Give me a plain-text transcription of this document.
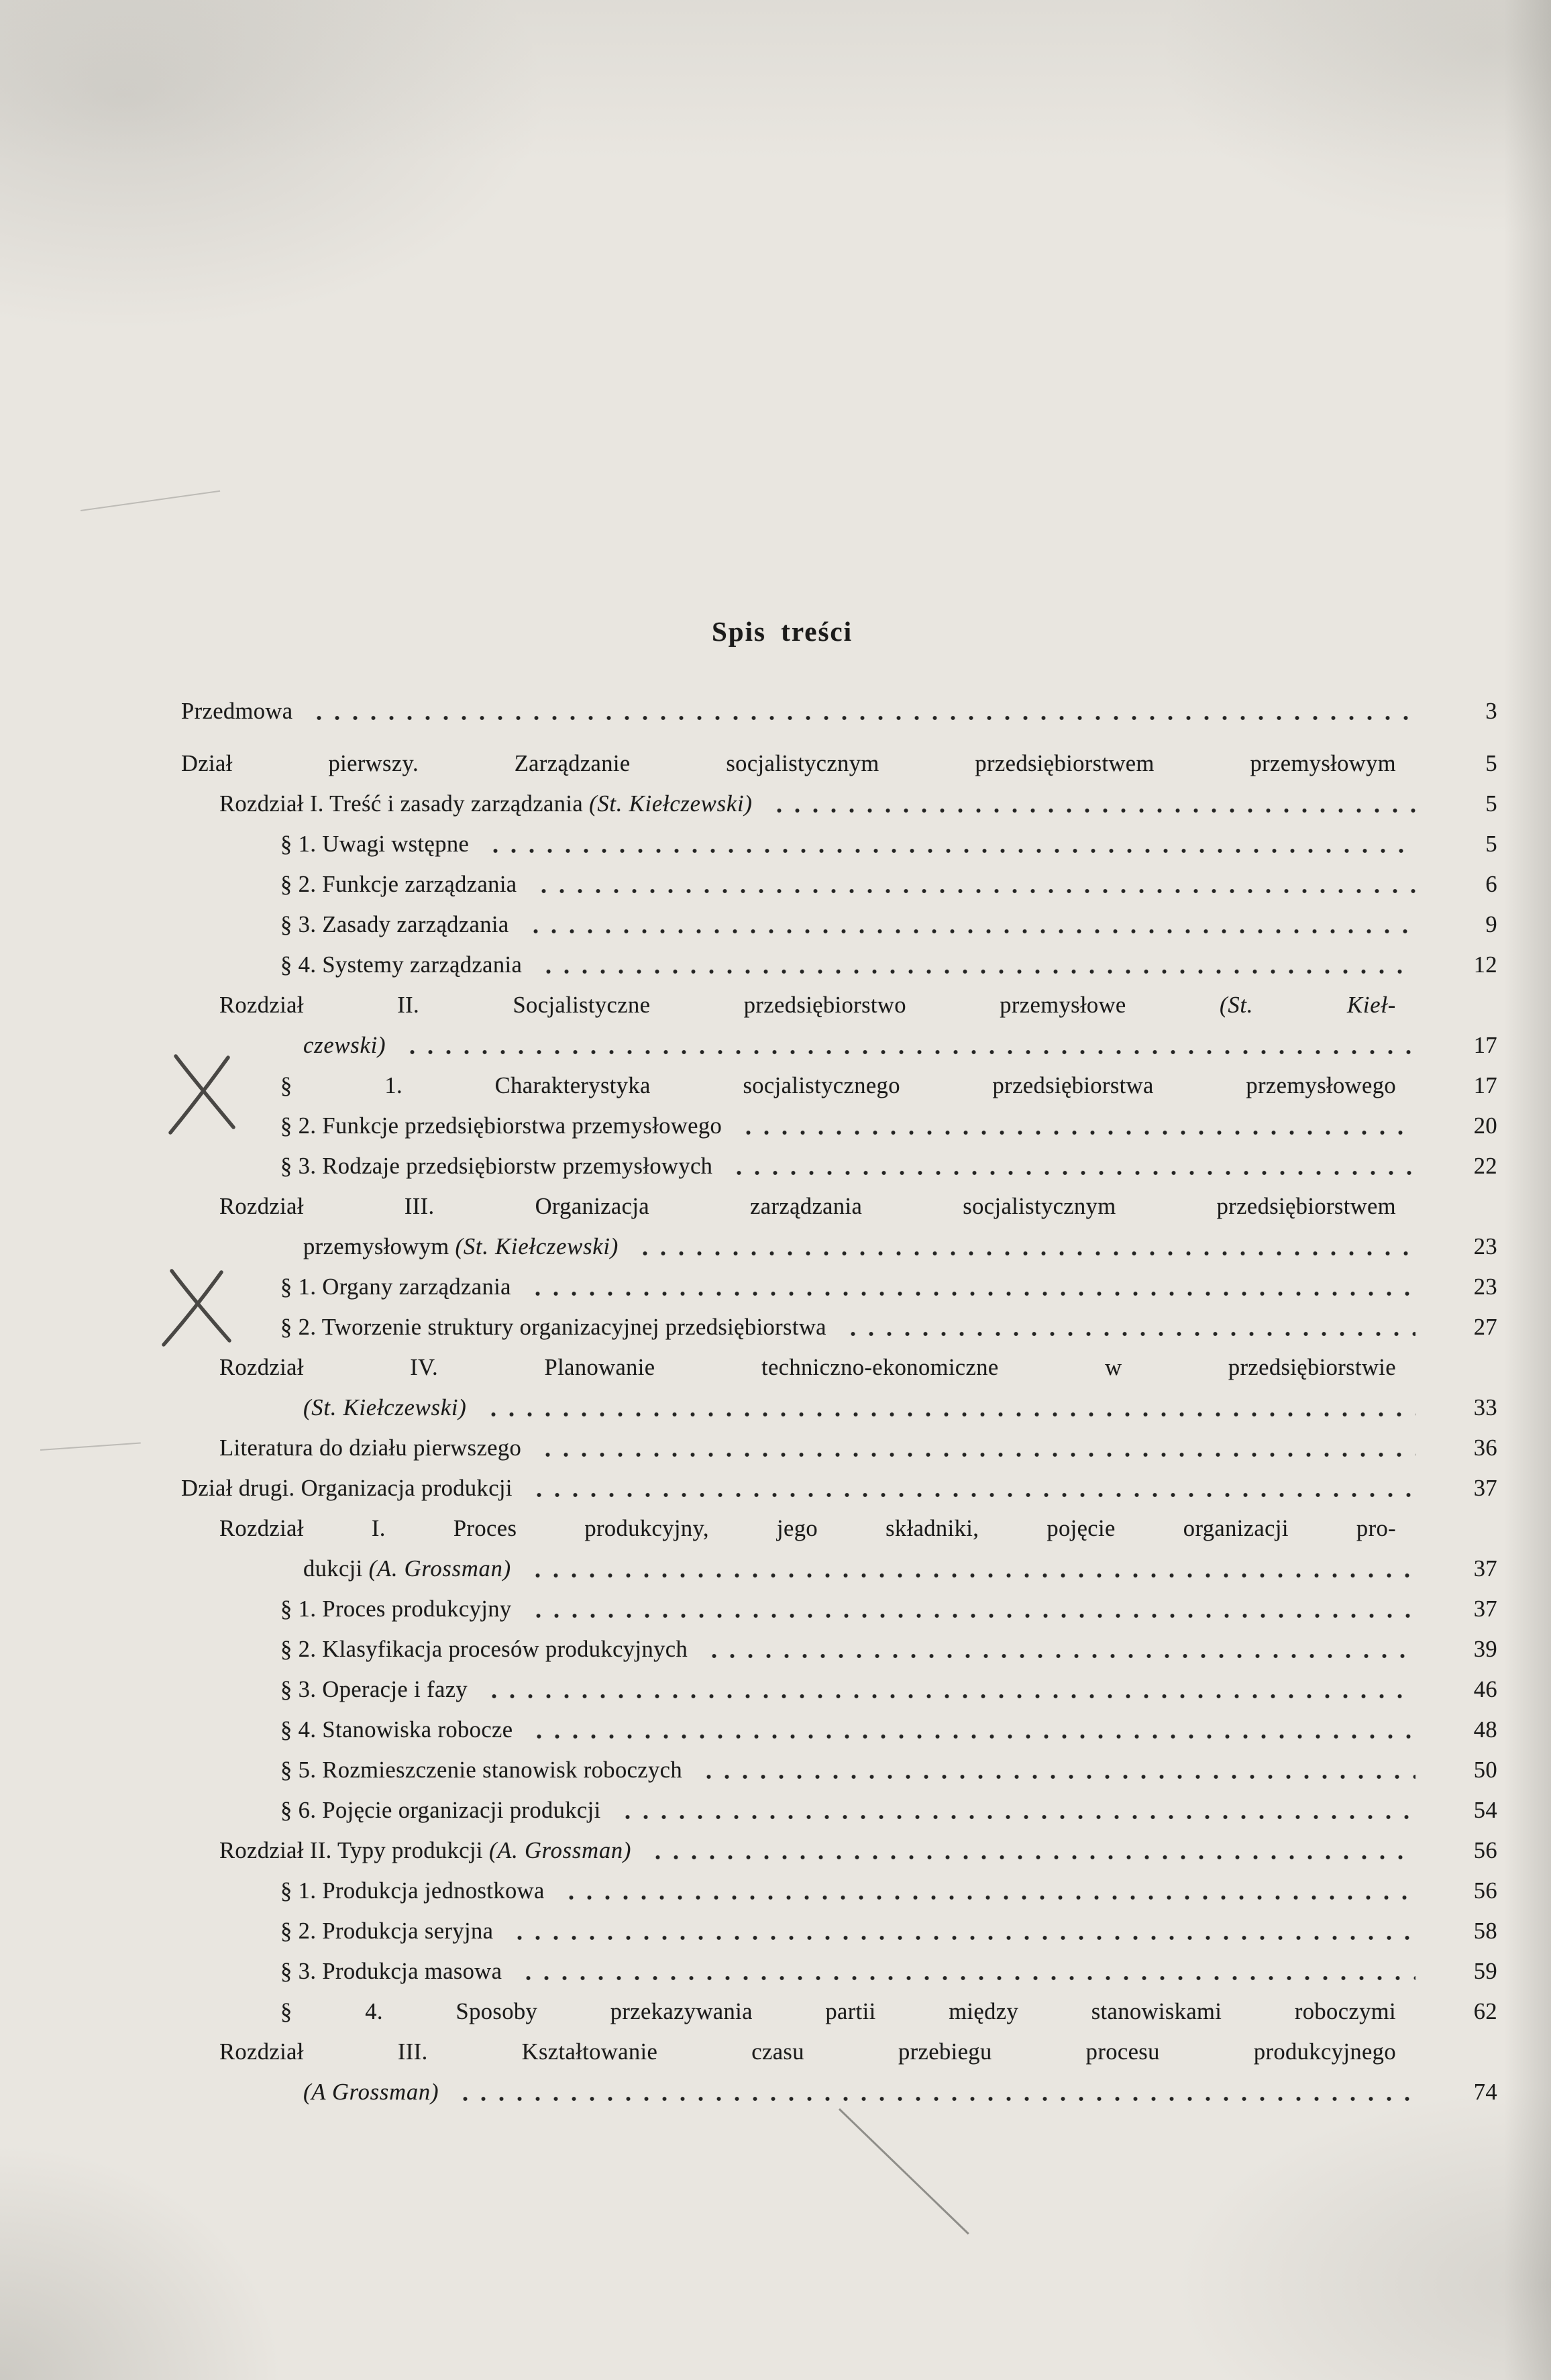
Spis treści
Przedmowa	3
Dział pierwszy. Zarządzanie socjalistycznym przedsiębiorstwem przemysłowym	5
Rozdział I. Treść i zasady zarządzania (St. Kiełczewski)	5
§ 1. Uwagi wstępne	5
§ 2. Funkcje zarządzania	6
§ 3. Zasady zarządzania	9
§ 4. Systemy zarządzania	12
Rozdział II. Socjalistyczne przedsiębiorstwo przemysłowe (St. Kieł-
czewski)	17
§ 1. Charakterystyka socjalistycznego przedsiębiorstwa przemysłowego	17
§ 2. Funkcje przedsiębiorstwa przemysłowego	20
§ 3. Rodzaje przedsiębiorstw przemysłowych	22
Rozdział III. Organizacja zarządzania socjalistycznym przedsiębiorstwem
przemysłowym (St. Kiełczewski)	23
§ 1. Organy zarządzania	23
§ 2. Tworzenie struktury organizacyjnej przedsiębiorstwa	27
Rozdział IV. Planowanie techniczno-ekonomiczne w przedsiębiorstwie
(St. Kiełczewski)	33
Literatura do działu pierwszego	36
Dział drugi. Organizacja produkcji	37
Rozdział I. Proces produkcyjny, jego składniki, pojęcie organizacji pro-
dukcji (A. Grossman)	37
§ 1. Proces produkcyjny	37
§ 2. Klasyfikacja procesów produkcyjnych	39
§ 3. Operacje i fazy	46
§ 4. Stanowiska robocze	48
§ 5. Rozmieszczenie stanowisk roboczych	50
§ 6. Pojęcie organizacji produkcji	54
Rozdział II. Typy produkcji (A. Grossman)	56
§ 1. Produkcja jednostkowa	56
§ 2. Produkcja seryjna	58
§ 3. Produkcja masowa	59
§ 4. Sposoby przekazywania partii między stanowiskami roboczymi	62
Rozdział III. Kształtowanie czasu przebiegu procesu produkcyjnego
(A Grossman)	74
